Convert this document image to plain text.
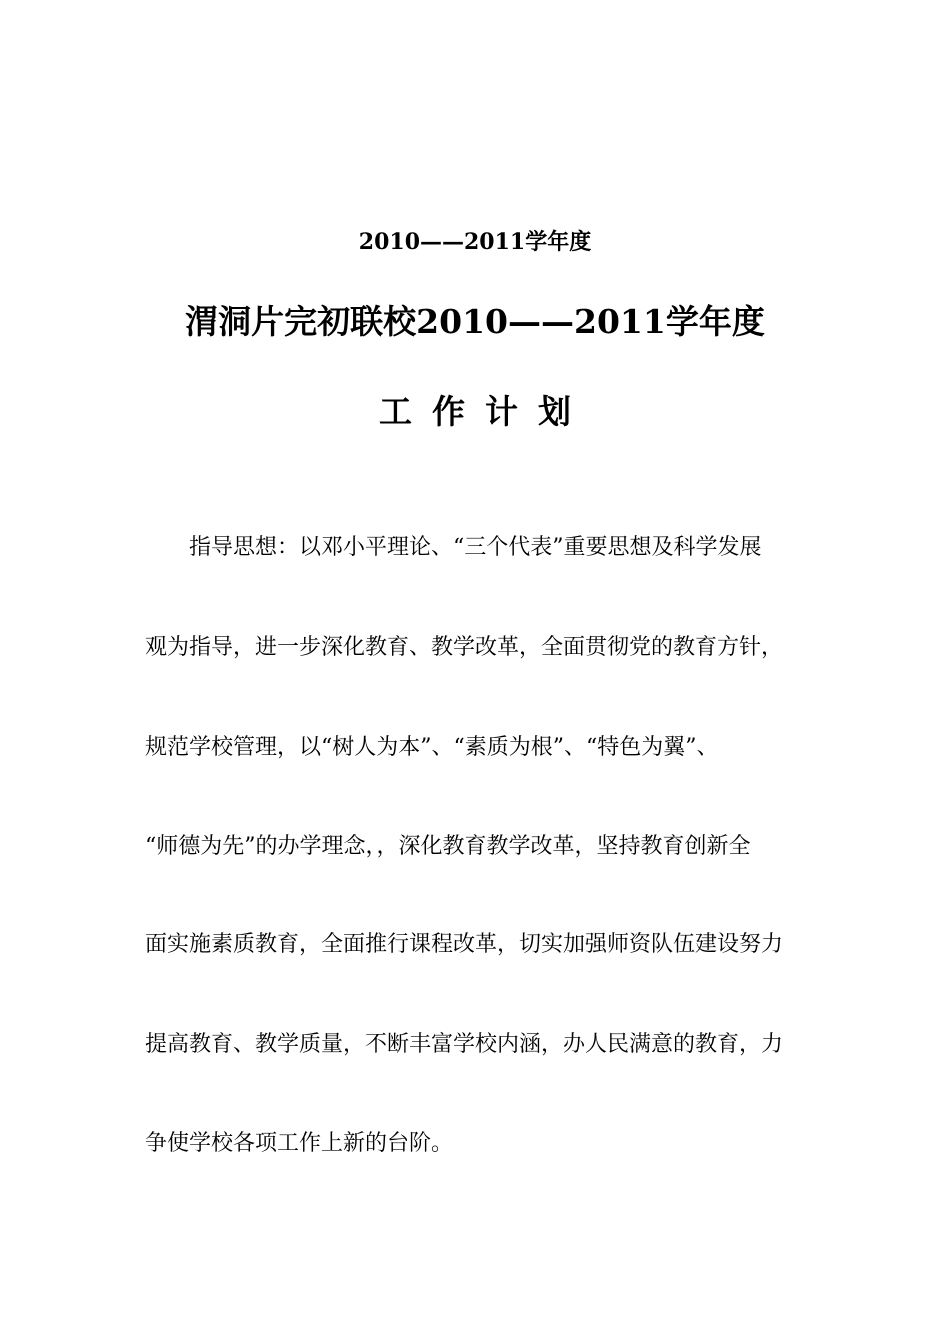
2010——2011学年度
渭洞片完初联校2010——2011学年度
工作计划
指导思想：以邓小平理论、“三个代表”重要思想及科学发展
观为指导，进一步深化教育、教学改革，全面贯彻党的教育方针，
规范学校管理，以“树人为本”、“素质为根”、“特色为翼”、
“师德为先”的办学理念，，深化教育教学改革，坚持教育创新全
面实施素质教育，全面推行课程改革，切实加强师资队伍建设努力
提高教育、教学质量，不断丰富学校内涵，办人民满意的教育，力
争使学校各项工作上新的台阶。
